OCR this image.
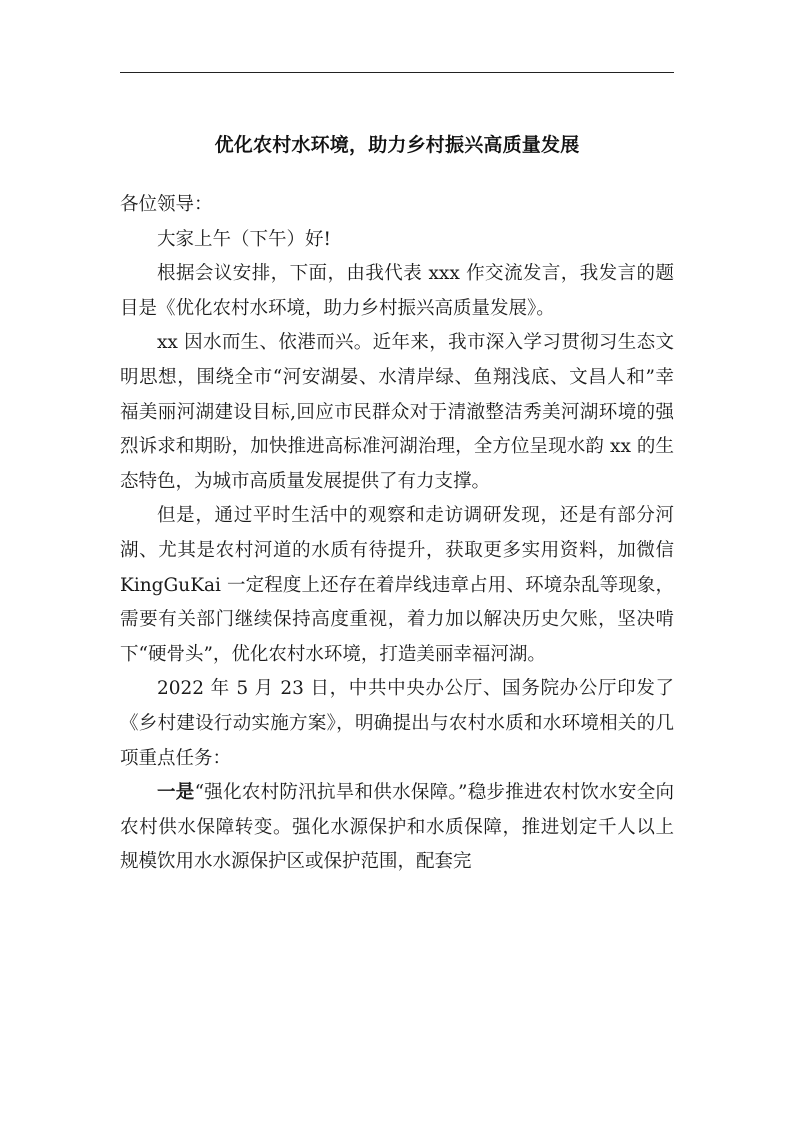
优化农村水环境，助力乡村振兴高质量发展

各位领导：

大家上午（下午）好!

根据会议安排，下面，由我代表 xxx 作交流发言，我发言的题目是《优化农村水环境，助力乡村振兴高质量发展》。

xx 因水而生、依港而兴。近年来，我市深入学习贯彻习生态文明思想，围绕全市“河安湖晏、水清岸绿、鱼翔浅底、文昌人和”幸福美丽河湖建设目标,回应市民群众对于清澈整洁秀美河湖环境的强烈诉求和期盼，加快推进高标准河湖治理，全方位呈现水韵 xx 的生态特色，为城市高质量发展提供了有力支撑。

但是，通过平时生活中的观察和走访调研发现，还是有部分河湖、尤其是农村河道的水质有待提升，获取更多实用资料，加微信 KingGuKai 一定程度上还存在着岸线违章占用、环境杂乱等现象，需要有关部门继续保持高度重视，着力加以解决历史欠账，坚决啃下“硬骨头”，优化农村水环境，打造美丽幸福河湖。

2022 年 5 月 23 日，中共中央办公厅、国务院办公厅印发了《乡村建设行动实施方案》，明确提出与农村水质和水环境相关的几项重点任务：

一是“强化农村防汛抗旱和供水保障。”稳步推进农村饮水安全向农村供水保障转变。强化水源保护和水质保障，推进划定千人以上规模饮用水水源保护区或保护范围，配套完
